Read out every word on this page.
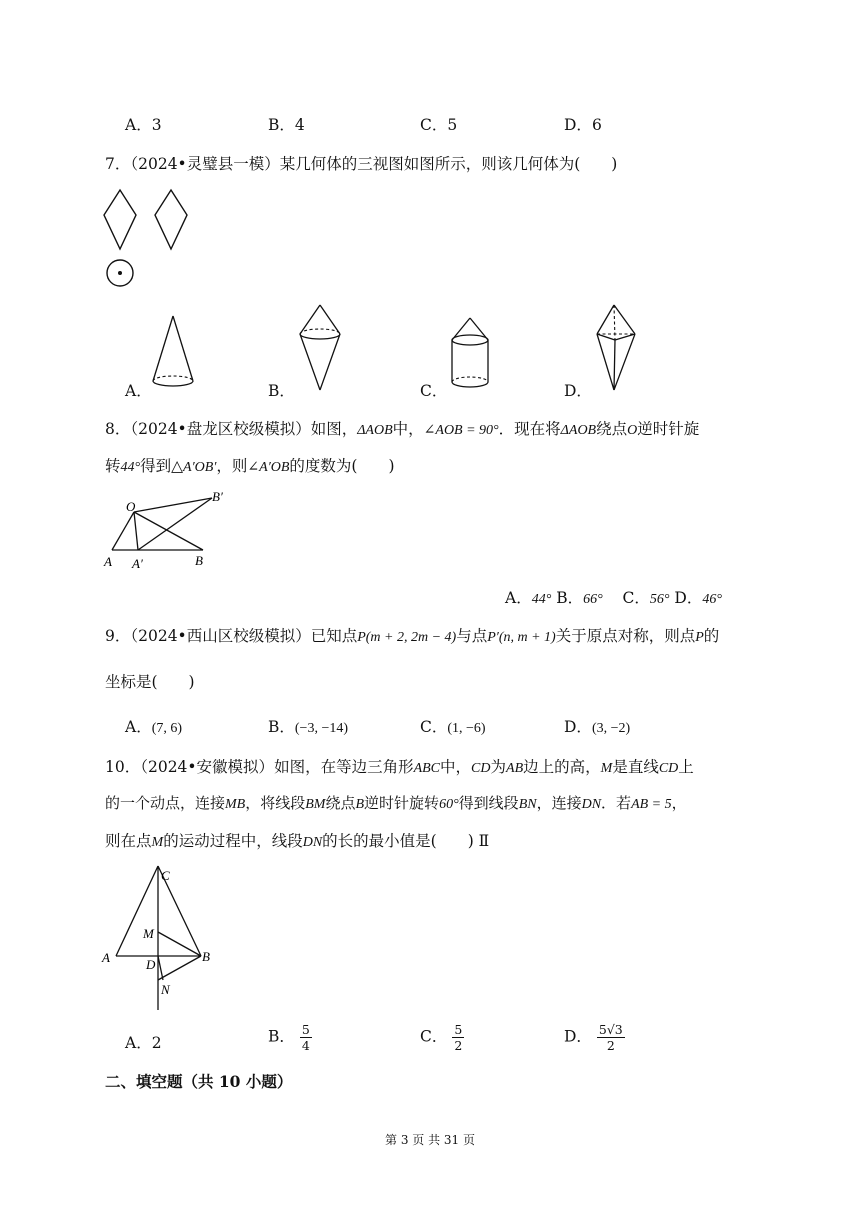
A．3	B．4	C．5	D．6
7．（2024•灵璧县一模）某几何体的三视图如图所示，则该几何体为(　　)
A．	B．	C．	D．
8．（2024•盘龙区校级模拟）如图，ΔAOB中，∠AOB = 90°．现在将ΔAOB绕点O逆时针旋
转44°得到△A′OB′，则∠A′OB的度数为(　　)
O
B′
A A′	B
A．44° B．66° C．56° D．46°
9．（2024•西山区校级模拟）已知点P(m + 2, 2m − 4)与点P′(n, m + 1)关于原点对称，则点P的
坐标是(　　)
A．(7, 6)	B．(−3, −14)	C．(1, −6)	D．(3, −2)
10．（2024•安徽模拟）如图，在等边三角形ABC中，CD为AB边上的高，M是直线CD上
的一个动点，连接MB，将线段BM绕点B逆时针旋转60°得到线段BN，连接DN．若AB = 5，
则在点M的运动过程中，线段DN的长的最小值是(　　) Ⅱ
C
M
A	D
B
N
A．2	B． $\frac{5}{4}$	C． $\frac{5}{2}$	D． $\frac{5√3}{2}$
二、填空题（共 10 小题）
第 3 页 共 31 页
